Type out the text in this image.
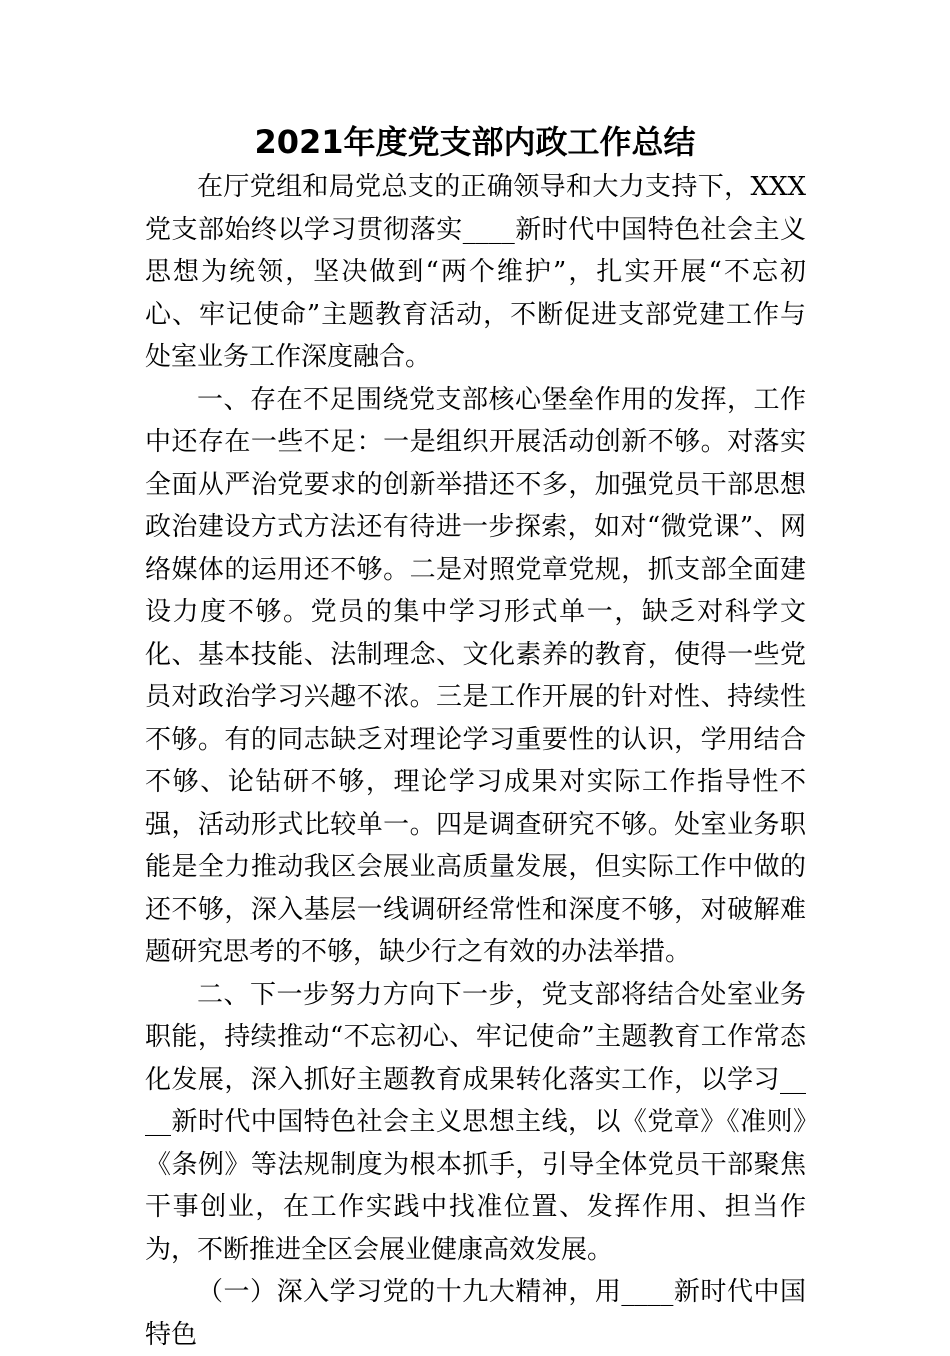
2021年度党支部内政工作总结

在厅党组和局党总支的正确领导和大力支持下，XXX党支部始终以学习贯彻落实____新时代中国特色社会主义思想为统领，坚决做到“两个维护”，扎实开展“不忘初心、牢记使命”主题教育活动，不断促进支部党建工作与处室业务工作深度融合。

一、存在不足围绕党支部核心堡垒作用的发挥，工作中还存在一些不足：一是组织开展活动创新不够。对落实全面从严治党要求的创新举措还不多，加强党员干部思想政治建设方式方法还有待进一步探索，如对“微党课”、网络媒体的运用还不够。二是对照党章党规，抓支部全面建设力度不够。党员的集中学习形式单一，缺乏对科学文化、基本技能、法制理念、文化素养的教育，使得一些党员对政治学习兴趣不浓。三是工作开展的针对性、持续性不够。有的同志缺乏对理论学习重要性的认识，学用结合不够、论钻研不够，理论学习成果对实际工作指导性不强，活动形式比较单一。四是调查研究不够。处室业务职能是全力推动我区会展业高质量发展，但实际工作中做的还不够，深入基层一线调研经常性和深度不够，对破解难题研究思考的不够，缺少行之有效的办法举措。

二、下一步努力方向下一步，党支部将结合处室业务职能，持续推动“不忘初心、牢记使命”主题教育工作常态化发展，深入抓好主题教育成果转化落实工作，以学习____新时代中国特色社会主义思想主线，以《党章》《准则》《条例》等法规制度为根本抓手，引导全体党员干部聚焦干事创业，在工作实践中找准位置、发挥作用、担当作为，不断推进全区会展业健康高效发展。

（一）深入学习党的十九大精神，用____新时代中国特色
